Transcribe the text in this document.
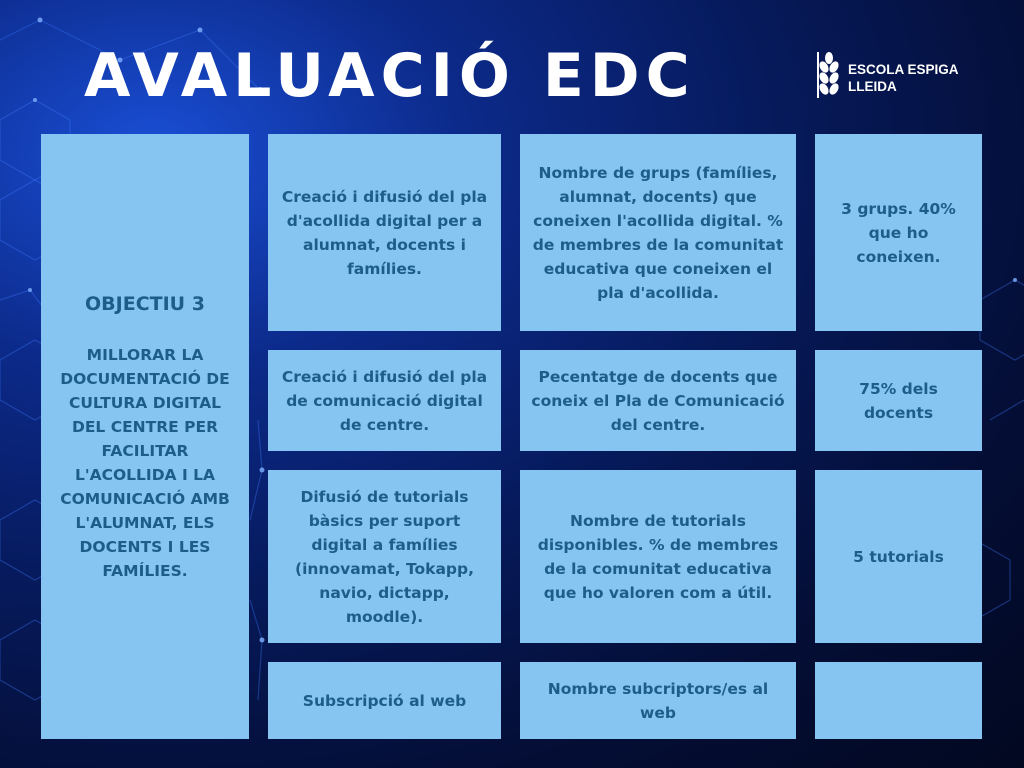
AVALUACIÓ EDC	ESCOLA ESPIGA
LLEIDA
OBJECTIU 3
MILLORAR LA DOCUMENTACIÓ DE CULTURA DIGITAL DEL CENTRE PER FACILITAR L'ACOLLIDA I LA COMUNICACIÓ AMB L'ALUMNAT, ELS DOCENTS I LES FAMÍLIES.
Creació i difusió del pla d'acollida digital per a alumnat, docents i famílies.
Nombre de grups (famílies, alumnat, docents) que coneixen l'acollida digital. % de membres de la comunitat educativa que coneixen el pla d'acollida.
3 grups. 40% que ho coneixen.
Creació i difusió del pla de comunicació digital de centre.
Pecentatge de docents que coneix el Pla de Comunicació del centre.
75% dels docents
Difusió de tutorials bàsics per suport digital a famílies (innovamat, Tokapp, navio, dictapp, moodle).
Nombre de tutorials disponibles. % de membres de la comunitat educativa que ho valoren com a útil.
5 tutorials
Subscripció al web
Nombre subcriptors/es al web
